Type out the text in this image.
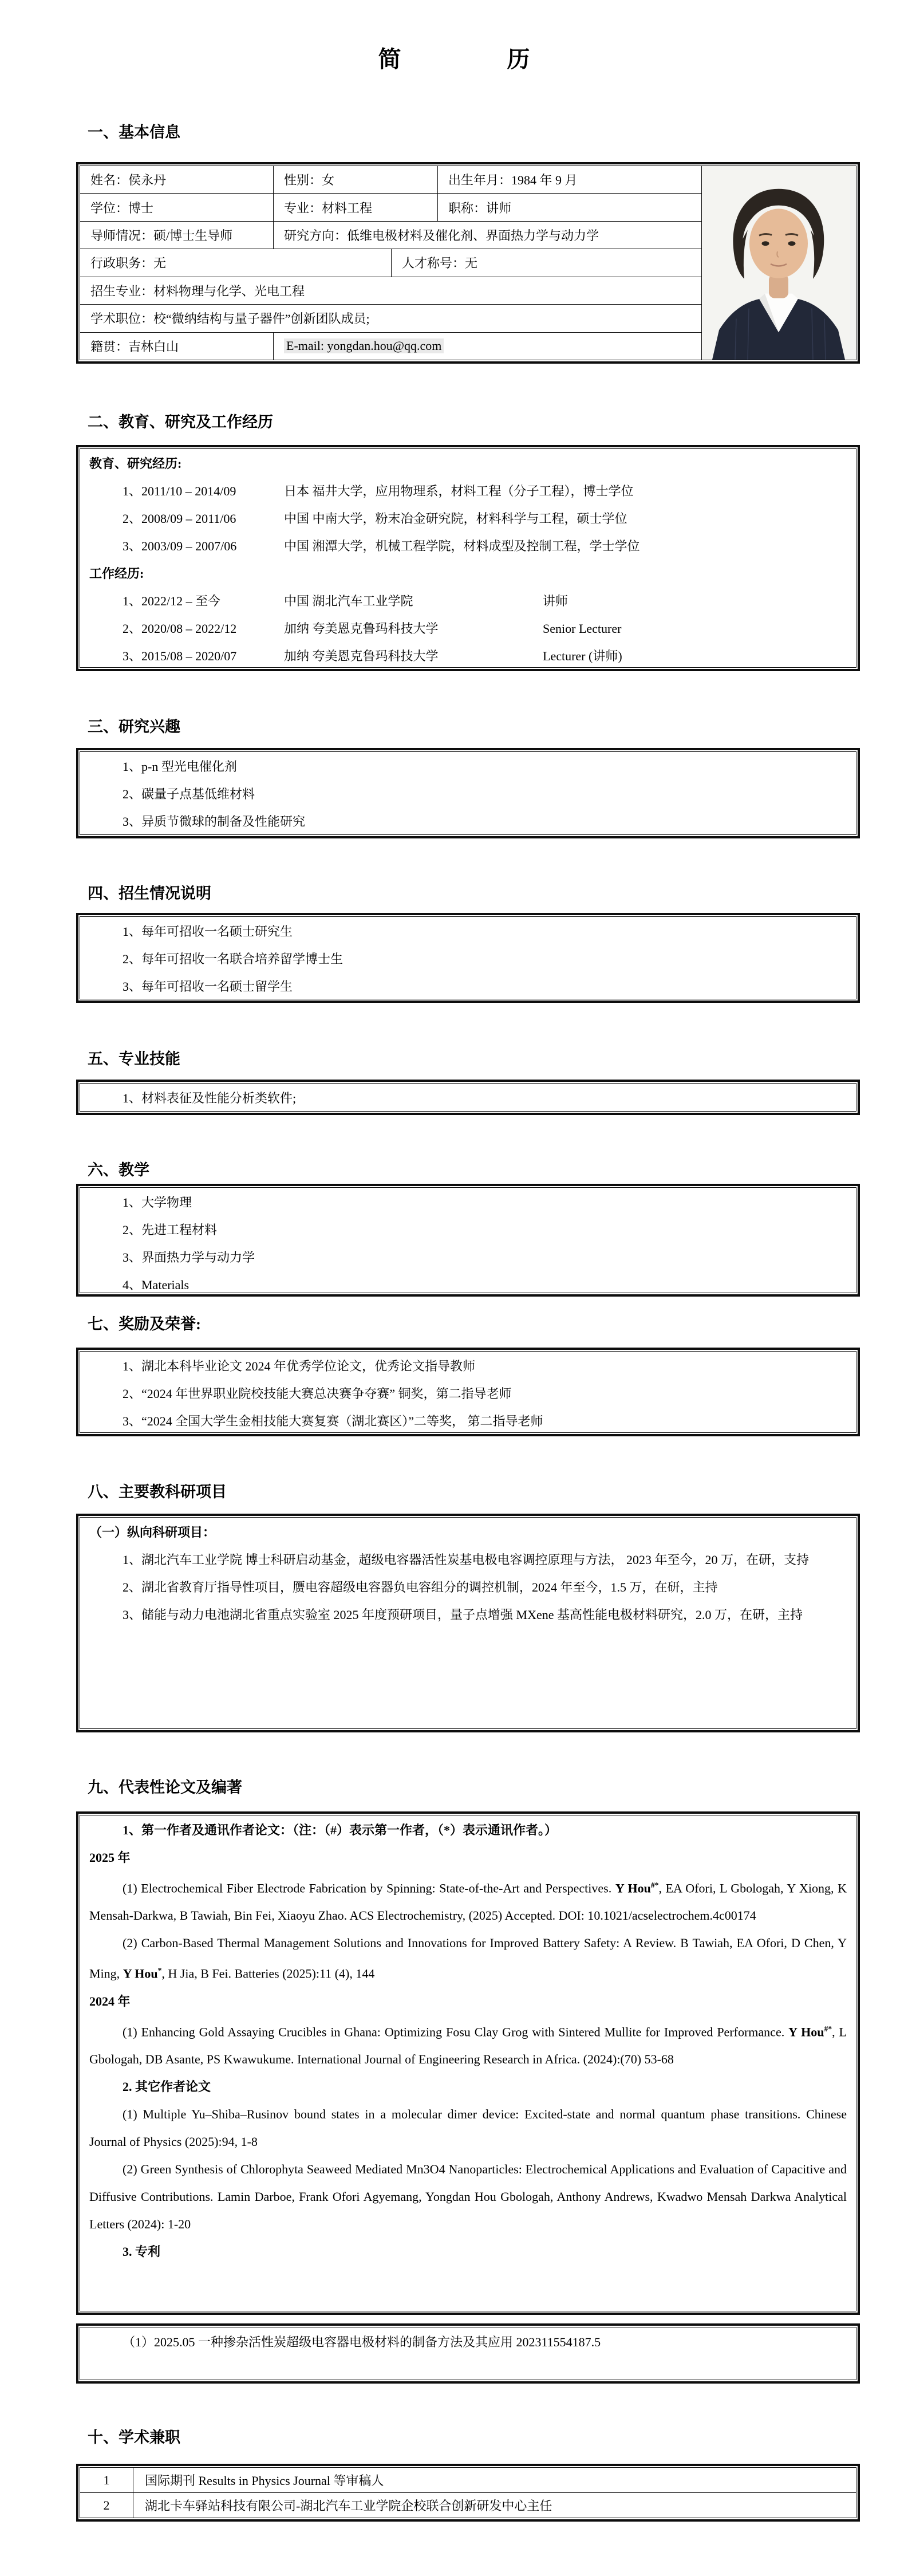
简	历
一、基本信息
姓名：侯永丹	性别：女	出生年月：1984 年 9 月
学位：博士	专业：材料工程	职称：讲师
导师情况：硕/博士生导师	研究方向：低维电极材料及催化剂、界面热力学与动力学
行政职务：无	人才称号：无
招生专业：材料物理与化学、光电工程
学术职位：校“微纳结构与量子器件”创新团队成员;
籍贯：吉林白山	E-mail: yongdan.hou@qq.com
二、教育、研究及工作经历
教育、研究经历:
1、2011/10 – 2014/09	日本 福井大学，应用物理系，材料工程（分子工程），博士学位
2、2008/09 – 2011/06	中国 中南大学，粉末冶金研究院，材料科学与工程，硕士学位
3、2003/09 – 2007/06	中国 湘潭大学，机械工程学院，材料成型及控制工程，学士学位
工作经历:
1、2022/12 – 至今	中国 湖北汽车工业学院	讲师
2、2020/08 – 2022/12	加纳 夸美恩克鲁玛科技大学	Senior Lecturer
3、2015/08 – 2020/07	加纳 夸美恩克鲁玛科技大学	Lecturer (讲师)
三、研究兴趣
1、p-n 型光电催化剂
2、碳量子点基低维材料
3、异质节微球的制备及性能研究
四、招生情况说明
1、每年可招收一名硕士研究生
2、每年可招收一名联合培养留学博士生
3、每年可招收一名硕士留学生
五、专业技能
1、材料表征及性能分析类软件;
六、教学
1、大学物理
2、先进工程材料
3、界面热力学与动力学
4、Materials
七、奖励及荣誉:
1、湖北本科毕业论文 2024 年优秀学位论文，优秀论文指导教师
2、“2024 年世界职业院校技能大赛总决赛争夺赛” 铜奖，第二指导老师
3、“2024 全国大学生金相技能大赛复赛（湖北赛区）”二等奖， 第二指导老师
八、主要教科研项目
（一）纵向科研项目：

1、湖北汽车工业学院 博士科研启动基金，超级电容器活性炭基电极电容调控原理与方法， 2023 年至今，20 万，在研，支持

2、湖北省教育厅指导性项目，赝电容超级电容器负电容组分的调控机制，2024 年至今，1.5 万，在研，主持

3、储能与动力电池湖北省重点实验室 2025 年度预研项目，量子点增强 MXene 基高性能电极材料研究，2.0 万，在研，主持

九、代表性论文及编著
1、第一作者及通讯作者论文：（注：（#）表示第一作者，（*）表示通讯作者。）
2025 年

(1) Electrochemical Fiber Electrode Fabrication by Spinning: State-of-the-Art and Perspectives. Y Hou#*, EA Ofori, L Gbologah, Y Xiong, K Mensah-Darkwa, B Tawiah, Bin Fei, Xiaoyu Zhao. ACS Electrochemistry, (2025) Accepted. DOI: 10.1021/acselectrochem.4c00174

(2) Carbon-Based Thermal Management Solutions and Innovations for Improved Battery Safety: A Review. B Tawiah, EA Ofori, D Chen, Y Ming, Y Hou*, H Jia, B Fei. Batteries (2025):11 (4), 144

2024 年

(1) Enhancing Gold Assaying Crucibles in Ghana: Optimizing Fosu Clay Grog with Sintered Mullite for Improved Performance. Y Hou#*, L Gbologah, DB Asante, PS Kwawukume. International Journal of Engineering Research in Africa. (2024):(70) 53-68

2. 其它作者论文

(1) Multiple Yu–Shiba–Rusinov bound states in a molecular dimer device: Excited-state and normal quantum phase transitions. Chinese Journal of Physics (2025):94, 1-8

(2) Green Synthesis of Chlorophyta Seaweed Mediated Mn3O4 Nanoparticles: Electrochemical Applications and Evaluation of Capacitive and Diffusive Contributions. Lamin Darboe, Frank Ofori Agyemang, Yongdan Hou Gbologah, Anthony Andrews, Kwadwo Mensah Darkwa Analytical Letters (2024): 1-20

3. 专利

（1）2025.05 一种掺杂活性炭超级电容器电极材料的制备方法及其应用 202311554187.5

十、学术兼职
1	国际期刊 Results in Physics Journal 等审稿人
2	湖北卡车驿站科技有限公司-湖北汽车工业学院企校联合创新研发中心主任
